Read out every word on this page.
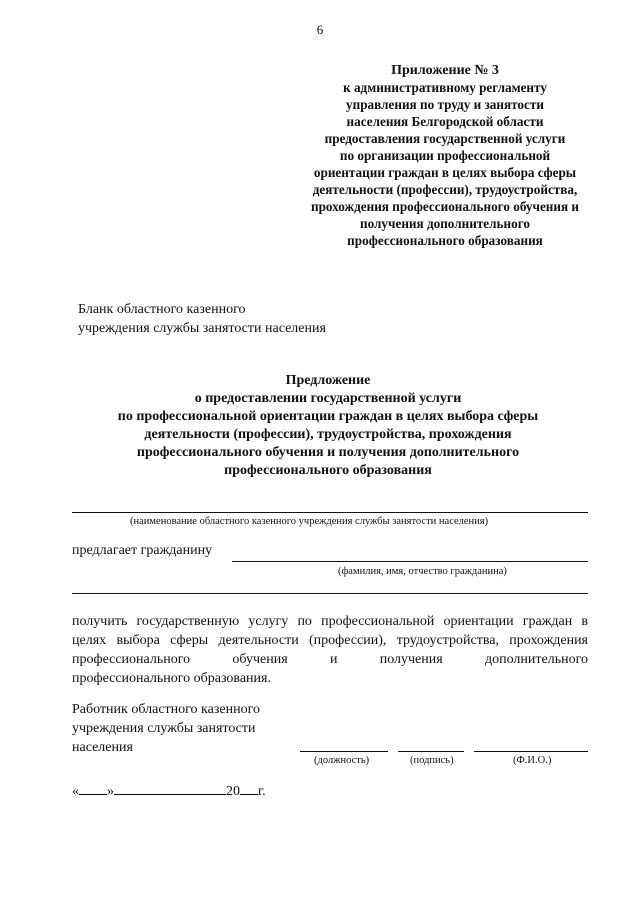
6
Приложение № 3
к административному регламенту
управления по труду и занятости
населения Белгородской области
предоставления государственной услуги
по организации профессиональной
ориентации граждан в целях выбора сферы
деятельности (профессии), трудоустройства,
прохождения профессионального обучения и
получения дополнительного
профессионального образования
Бланк областного казенного
учреждения службы занятости населения
Предложение
о предоставлении государственной услуги
по профессиональной ориентации граждан в целях выбора сферы
деятельности (профессии), трудоустройства, прохождения
профессионального обучения и получения дополнительного
профессионального образования
(наименование областного казенного учреждения службы занятости населения)
предлагает гражданину
(фамилия, имя, отчество гражданина)
получить государственную услугу по профессиональной ориентации граждан в
целях выбора сферы деятельности (профессии), трудоустройства, прохождения
профессионального	обучения	и	получения	дополнительного
профессионального образования.
Работник областного казенного
учреждения службы занятости
населения
(должность)	(подпись)	(Ф.И.О.)
« »	20 г.
